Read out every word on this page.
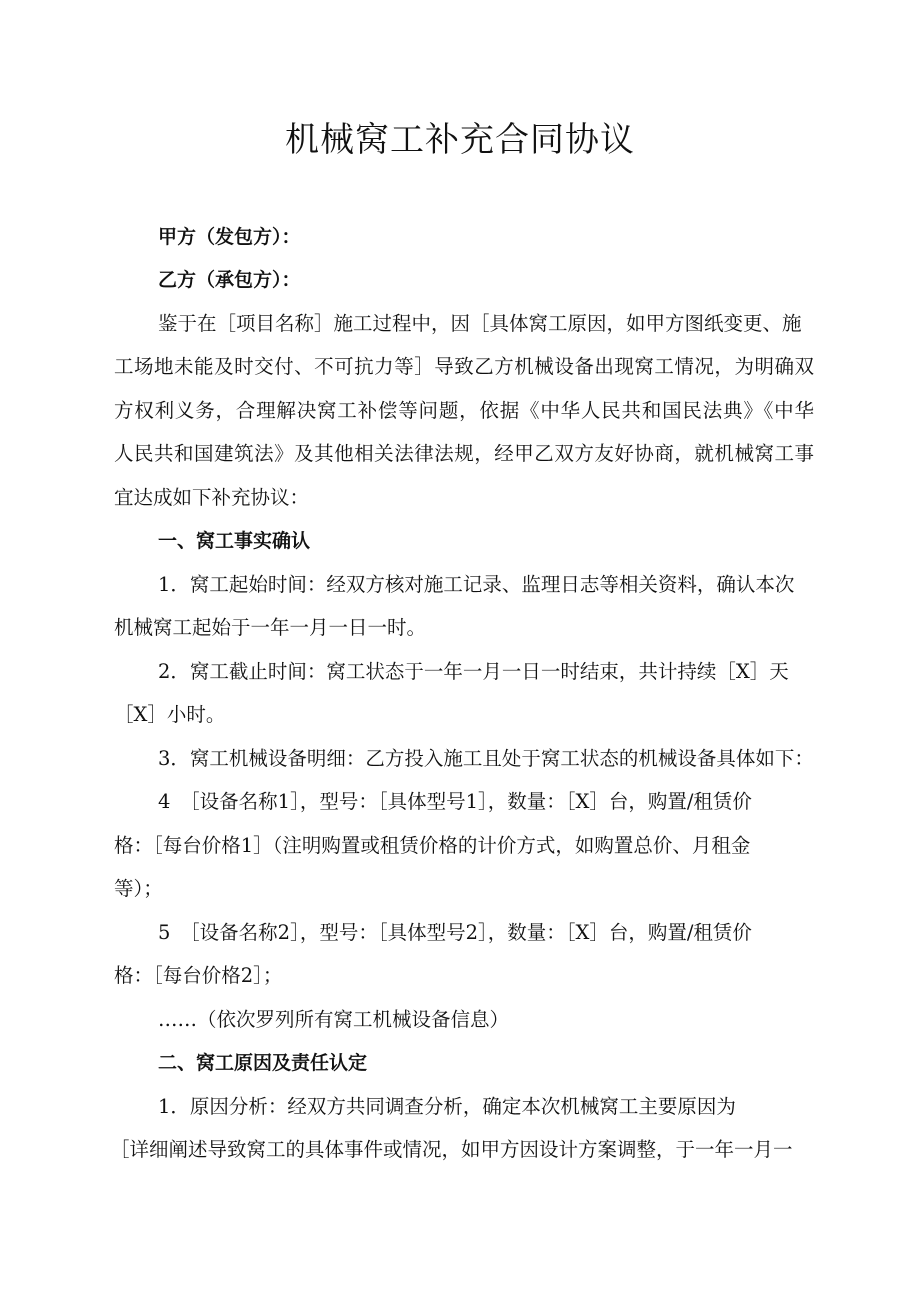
机械窝工补充合同协议

甲方（发包方）：

乙方（承包方）：

鉴于在［项目名称］施工过程中，因［具体窝工原因，如甲方图纸变更、施

工场地未能及时交付、不可抗力等］导致乙方机械设备出现窝工情况，为明确双

方权利义务，合理解决窝工补偿等问题，依据《中华人民共和国民法典》《中华

人民共和国建筑法》及其他相关法律法规，经甲乙双方友好协商，就机械窝工事

宜达成如下补充协议：

一、窝工事实确认

1．窝工起始时间：经双方核对施工记录、监理日志等相关资料，确认本次

机械窝工起始于一年一月一日一时。

2．窝工截止时间：窝工状态于一年一月一日一时结束，共计持续［X］天

［X］小时。

3．窝工机械设备明细：乙方投入施工且处于窝工状态的机械设备具体如下：

4　［设备名称1］，型号：［具体型号1］，数量：［X］台，购置/租赁价

格：［每台价格1］（注明购置或租赁价格的计价方式，如购置总价、月租金

等）；

5　［设备名称2］，型号：［具体型号2］，数量：［X］台，购置/租赁价

格：［每台价格2］；

……（依次罗列所有窝工机械设备信息）

二、窝工原因及责任认定

1．原因分析：经双方共同调查分析，确定本次机械窝工主要原因为

［详细阐述导致窝工的具体事件或情况，如甲方因设计方案调整，于一年一月一
